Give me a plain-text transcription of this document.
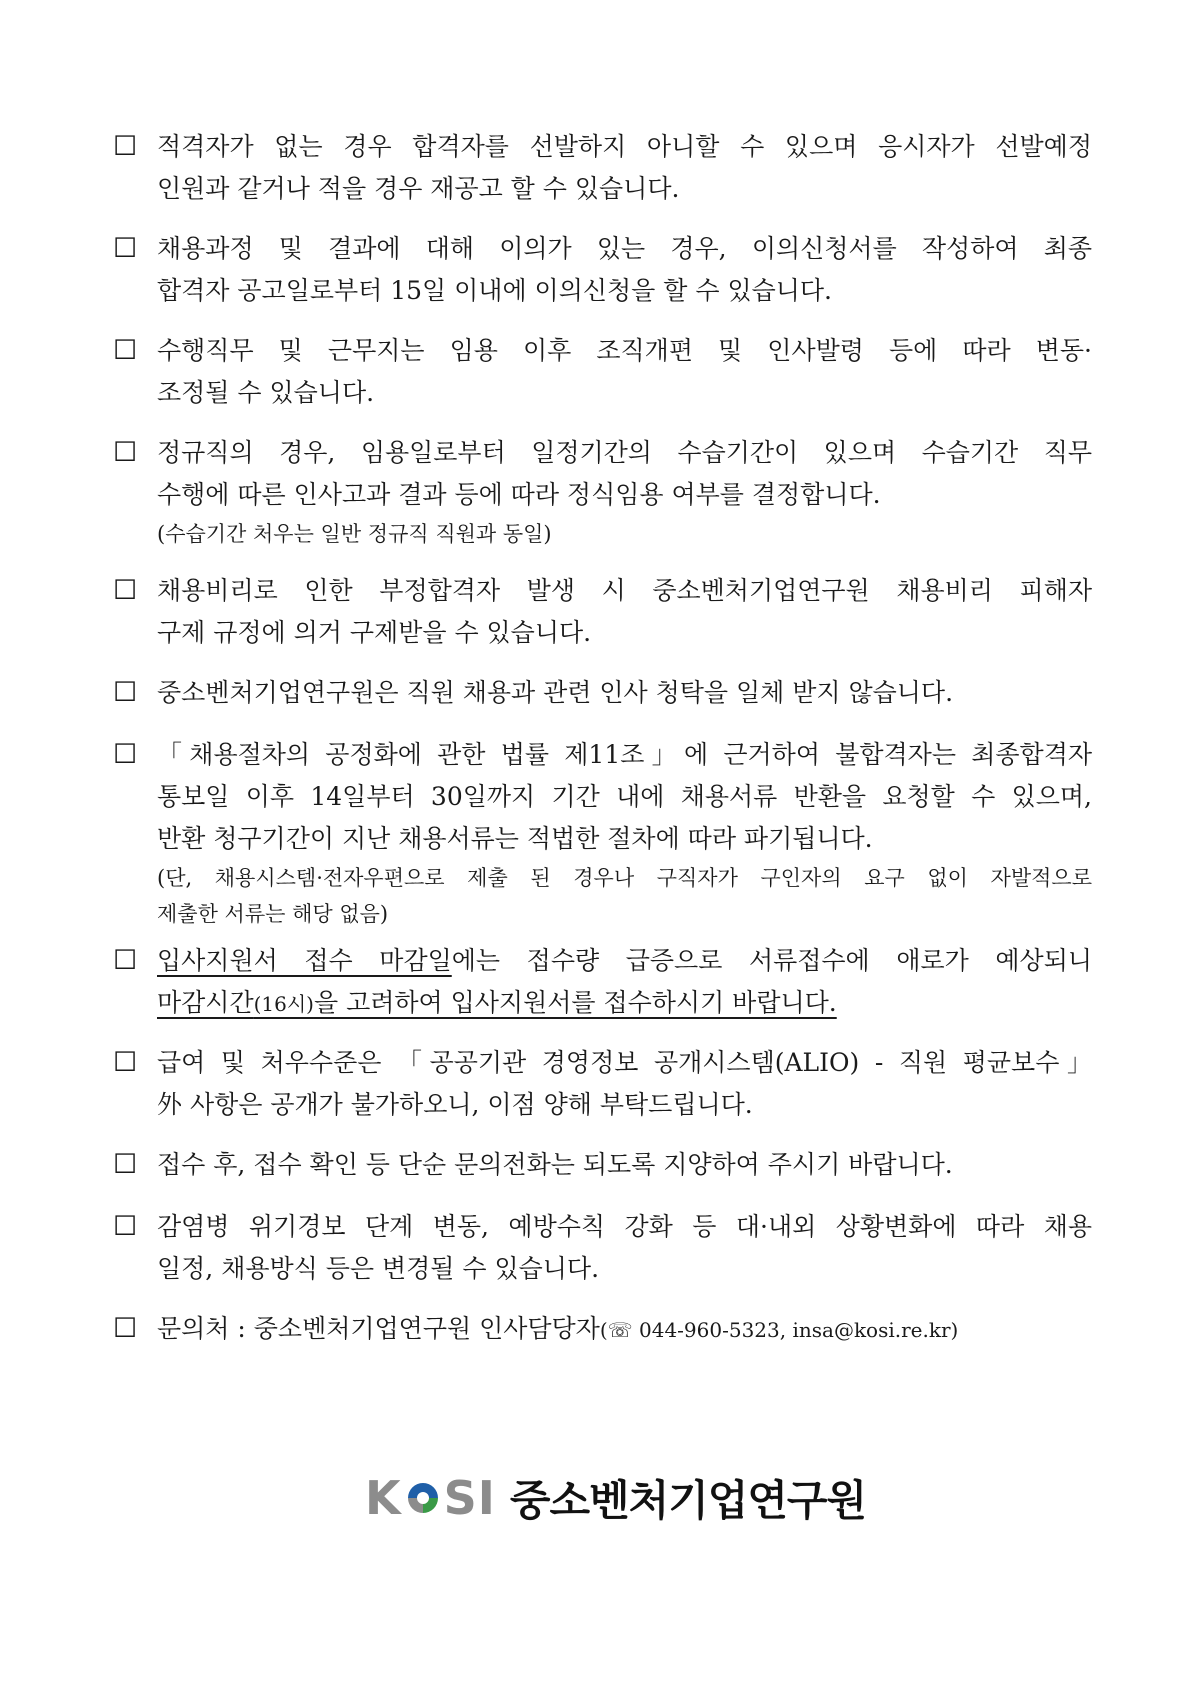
☐ 적격자가 없는 경우 합격자를 선발하지 아니할 수 있으며 응시자가 선발예정
인원과 같거나 적을 경우 재공고 할 수 있습니다.
☐ 채용과정 및 결과에 대해 이의가 있는 경우, 이의신청서를 작성하여 최종
합격자 공고일로부터 15일 이내에 이의신청을 할 수 있습니다.
☐ 수행직무 및 근무지는 임용 이후 조직개편 및 인사발령 등에 따라 변동·
조정될 수 있습니다.
☐ 정규직의 경우, 임용일로부터 일정기간의 수습기간이 있으며 수습기간 직무
수행에 따른 인사고과 결과 등에 따라 정식임용 여부를 결정합니다.
(수습기간 처우는 일반 정규직 직원과 동일)
☐ 채용비리로 인한 부정합격자 발생 시 중소벤처기업연구원 채용비리 피해자
구제 규정에 의거 구제받을 수 있습니다.
☐ 중소벤처기업연구원은 직원 채용과 관련 인사 청탁을 일체 받지 않습니다.
☐ 「채용절차의 공정화에 관한 법률 제11조」에 근거하여 불합격자는 최종합격자
통보일 이후 14일부터 30일까지 기간 내에 채용서류 반환을 요청할 수 있으며,
반환 청구기간이 지난 채용서류는 적법한 절차에 따라 파기됩니다.
(단, 채용시스템·전자우편으로 제출 된 경우나 구직자가 구인자의 요구 없이 자발적으로
제출한 서류는 해당 없음)
☐ 입사지원서 접수 마감일에는 접수량 급증으로 서류접수에 애로가 예상되니
마감시간(16시)을 고려하여 입사지원서를 접수하시기 바랍니다.
☐ 급여 및 처우수준은 「공공기관 경영정보 공개시스템(ALIO) - 직원 평균보수」
外 사항은 공개가 불가하오니, 이점 양해 부탁드립니다.
☐ 접수 후, 접수 확인 등 단순 문의전화는 되도록 지양하여 주시기 바랍니다.
☐ 감염병 위기경보 단계 변동, 예방수칙 강화 등 대·내외 상황변화에 따라 채용
일정, 채용방식 등은 변경될 수 있습니다.
☐ 문의처 : 중소벤처기업연구원 인사담당자(☏ 044-960-5323, insa@kosi.re.kr)
K SI 중소벤처기업연구원
